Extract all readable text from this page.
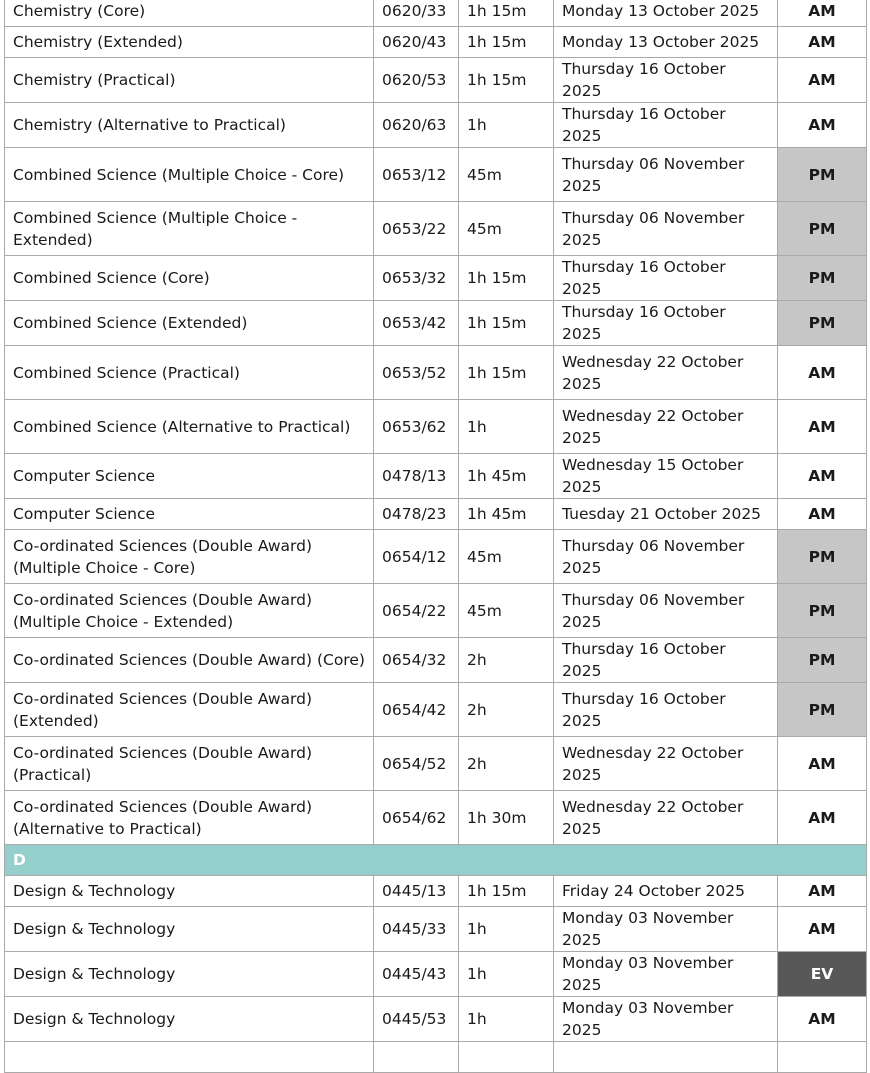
Chemistry (Core)	0620/33	1h 15m	Monday 13 October 2025	AM
Chemistry (Extended)	0620/43	1h 15m	Monday 13 October 2025	AM
Chemistry (Practical)	0620/53	1h 15m	Thursday 16 October 2025	AM
Chemistry (Alternative to Practical)	0620/63	1h	Thursday 16 October 2025	AM
Combined Science (Multiple Choice - Core)	0653/12	45m	Thursday 06 November 2025	PM
Combined Science (Multiple Choice - Extended)	0653/22	45m	Thursday 06 November 2025	PM
Combined Science (Core)	0653/32	1h 15m	Thursday 16 October 2025	PM
Combined Science (Extended)	0653/42	1h 15m	Thursday 16 October 2025	PM
Combined Science (Practical)	0653/52	1h 15m	Wednesday 22 October 2025	AM
Combined Science (Alternative to Practical)	0653/62	1h	Wednesday 22 October 2025	AM
Computer Science	0478/13	1h 45m	Wednesday 15 October 2025	AM
Computer Science	0478/23	1h 45m	Tuesday 21 October 2025	AM
Co-ordinated Sciences (Double Award) (Multiple Choice - Core)	0654/12	45m	Thursday 06 November 2025	PM
Co-ordinated Sciences (Double Award) (Multiple Choice - Extended)	0654/22	45m	Thursday 06 November 2025	PM
Co-ordinated Sciences (Double Award) (Core)	0654/32	2h	Thursday 16 October 2025	PM
Co-ordinated Sciences (Double Award) (Extended)	0654/42	2h	Thursday 16 October 2025	PM
Co-ordinated Sciences (Double Award) (Practical)	0654/52	2h	Wednesday 22 October 2025	AM
Co-ordinated Sciences (Double Award) (Alternative to Practical)	0654/62	1h 30m	Wednesday 22 October 2025	AM
D				
Design & Technology	0445/13	1h 15m	Friday 24 October 2025	AM
Design & Technology	0445/33	1h	Monday 03 November 2025	AM
Design & Technology	0445/43	1h	Monday 03 November 2025	EV
Design & Technology	0445/53	1h	Monday 03 November 2025	AM
